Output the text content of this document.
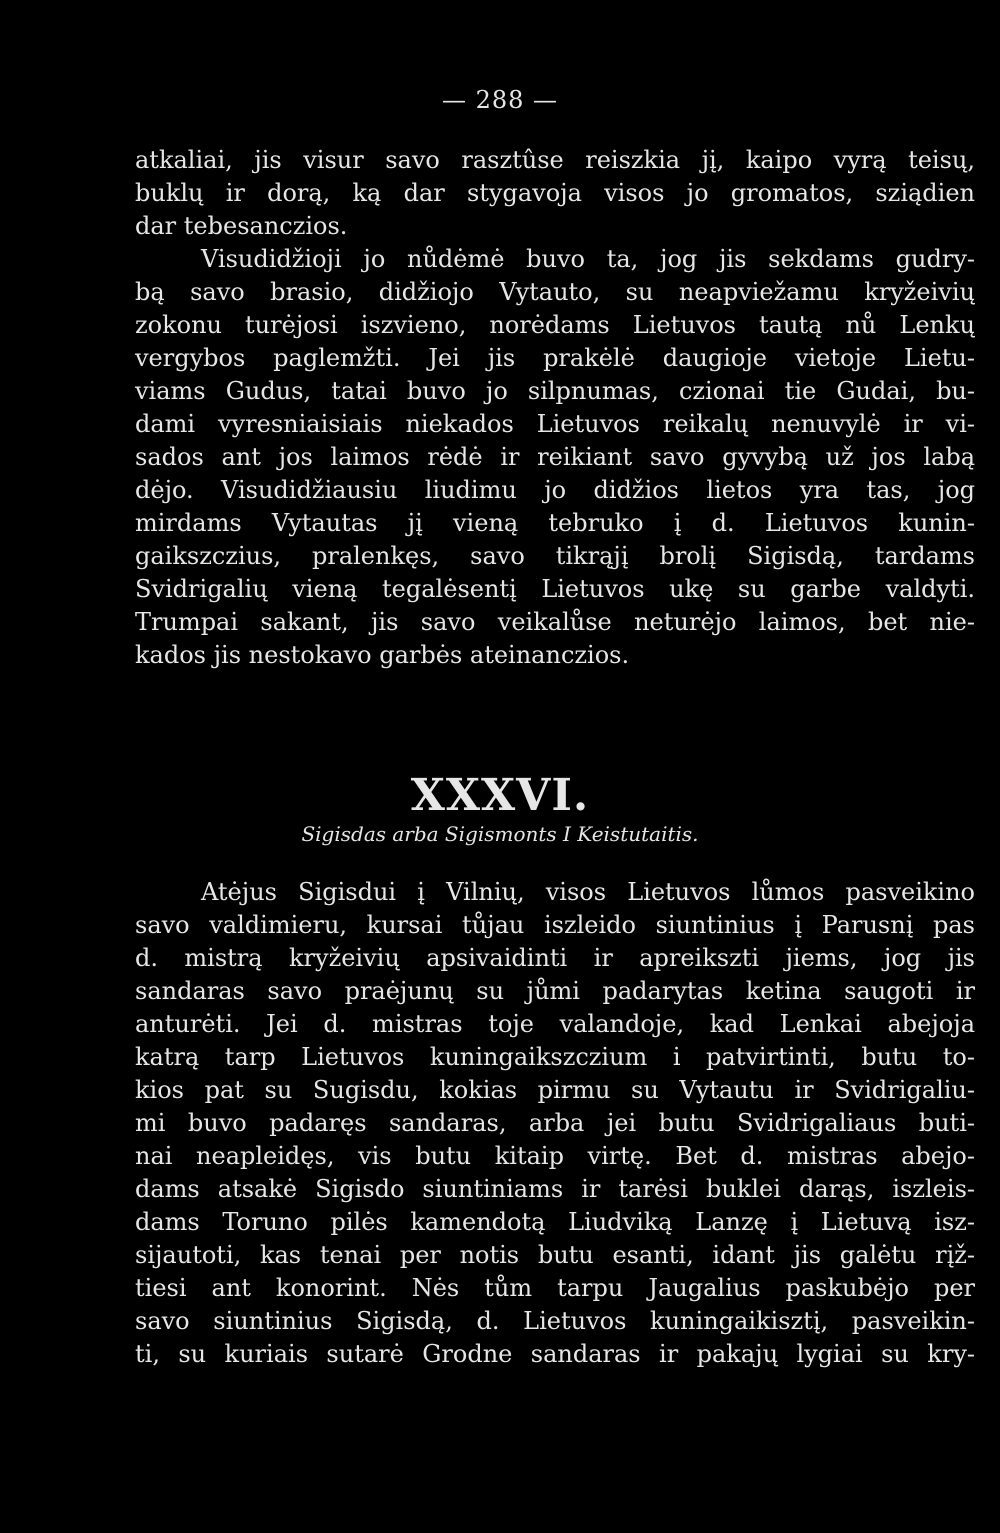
— 288 —
atkaliai, jis visur savo rasztûse reiszkia jį, kaipo vyrą teisų,
buklų ir dorą, ką dar stygavoja visos jo gromatos, sziądien
dar tebesanczios.
Visudidžioji jo nůdėmė buvo ta, jog jis sekdams gudry-
bą savo brasio, didžiojo Vytauto, su neapviežamu kryžeivių
zokonu turėjosi iszvieno, norėdams Lietuvos tautą nů Lenkų
vergybos paglemžti. Jei jis prakėlė daugioje vietoje Lietu-
viams Gudus, tatai buvo jo silpnumas, czionai tie Gudai, bu-
dami vyresniaisiais niekados Lietuvos reikalų nenuvylė ir vi-
sados ant jos laimos rėdė ir reikiant savo gyvybą už jos labą
dėjo. Visudidžiausiu liudimu jo didžios lietos yra tas, jog
mirdams Vytautas jį vieną tebruko į d. Lietuvos kunin-
gaikszczius, pralenkęs, savo tikrąjį brolį Sigisdą, tardams
Svidrigalių vieną tegalėsentį Lietuvos ukę su garbe valdyti.
Trumpai sakant, jis savo veikalůse neturėjo laimos, bet nie-
kados jis nestokavo garbės ateinanczios.
XXXVI.
Sigisdas arba Sigismonts I Keistutaitis.
Atėjus Sigisdui į Vilnių, visos Lietuvos lůmos pasveikino
savo valdimieru, kursai tůjau iszleido siuntinius į Parusnį pas
d. mistrą kryžeivių apsivaidinti ir apreikszti jiems, jog jis
sandaras savo praėjunų su jůmi padarytas ketina saugoti ir
anturėti. Jei d. mistras toje valandoje, kad Lenkai abejoja
katrą tarp Lietuvos kuningaikszczium i patvirtinti, butu to-
kios pat su Sugisdu, kokias pirmu su Vytautu ir Svidrigaliu-
mi buvo padaręs sandaras, arba jei butu Svidrigaliaus buti-
nai neapleidęs, vis butu kitaip virtę. Bet d. mistras abejo-
dams atsakė Sigisdo siuntiniams ir tarėsi buklei darąs, iszleis-
dams Toruno pilės kamendotą Liudviką Lanzę į Lietuvą isz-
sijautoti, kas tenai per notis butu esanti, idant jis galėtu rįž-
tiesi ant konorint. Nės tům tarpu Jaugalius paskubėjo per
savo siuntinius Sigisdą, d. Lietuvos kuningaikisztį, pasveikin-
ti, su kuriais sutarė Grodne sandaras ir pakajų lygiai su kry-
